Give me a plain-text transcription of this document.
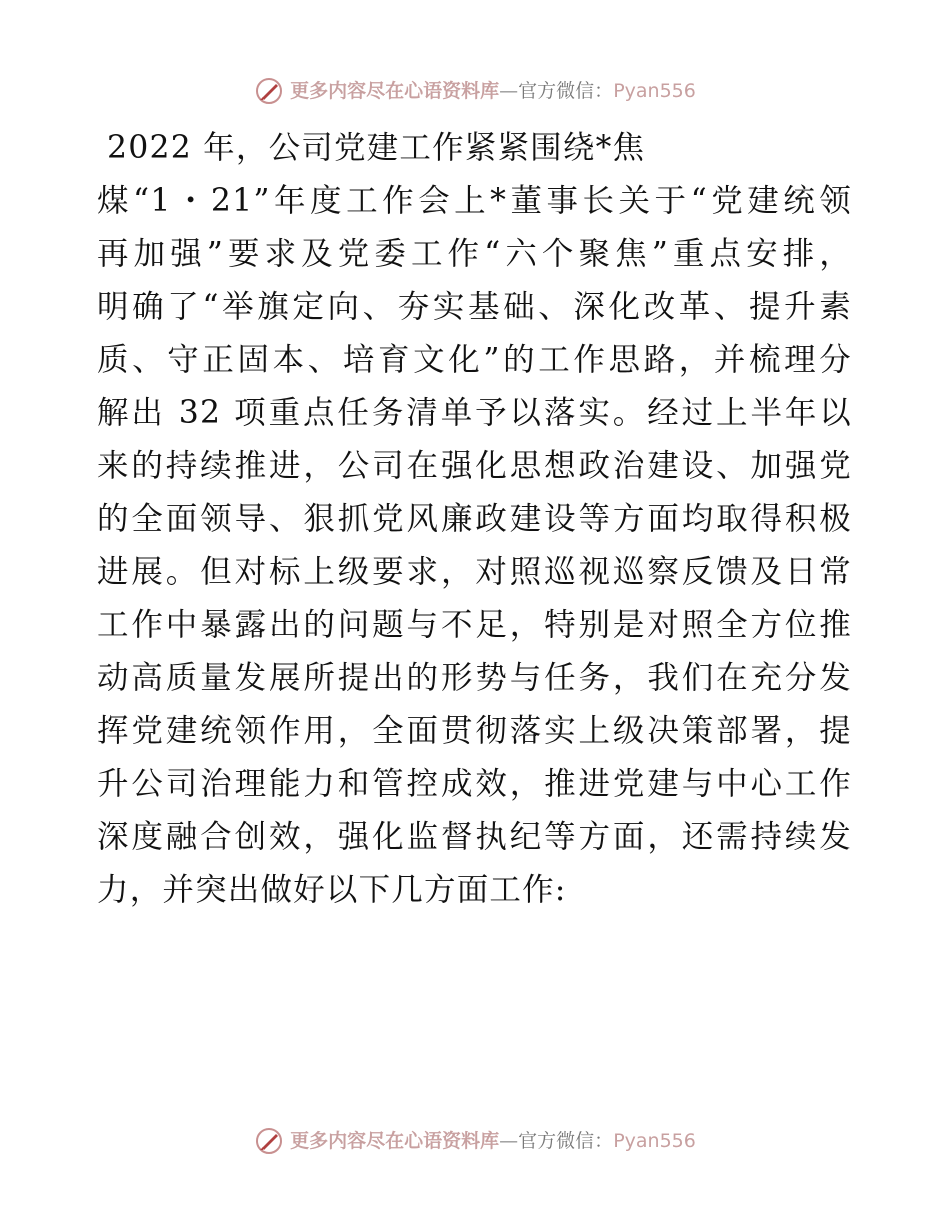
更多内容尽在心语资料库 — 官方微信： Pyan556

2022 年，公司党建工作紧紧围绕*焦
煤“1・21”年度工作会上*董事长关于“党建统领
再加强”要求及党委工作“六个聚焦”重点安排，
明确了“举旗定向、夯实基础、深化改革、提升素
质、守正固本、培育文化”的工作思路，并梳理分
解出 32 项重点任务清单予以落实。经过上半年以
来的持续推进，公司在强化思想政治建设、加强党
的全面领导、狠抓党风廉政建设等方面均取得积极
进展。但对标上级要求，对照巡视巡察反馈及日常
工作中暴露出的问题与不足，特别是对照全方位推
动高质量发展所提出的形势与任务，我们在充分发
挥党建统领作用，全面贯彻落实上级决策部署，提
升公司治理能力和管控成效，推进党建与中心工作
深度融合创效，强化监督执纪等方面，还需持续发
力，并突出做好以下几方面工作:

更多内容尽在心语资料库 — 官方微信： Pyan556
